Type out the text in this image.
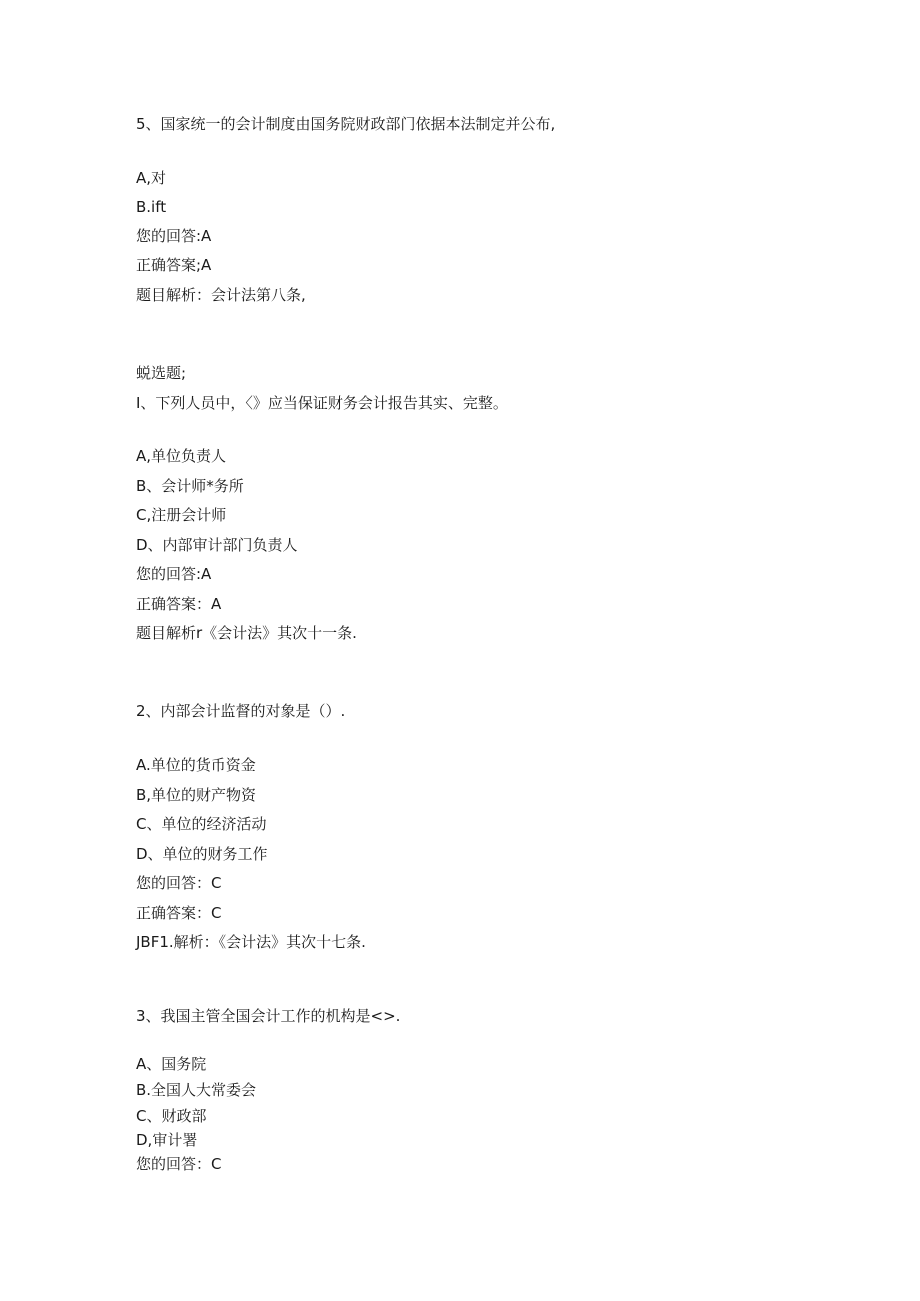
5、国家统一的会计制度由国务院财政部门依据本法制定并公布,

A,对

B.ift

您的回答:A

正确答案;A

题目解析：会计法第八条,

蜕选题;

I、下列人员中，〈》应当保证财务会计报告其实、完整。

A,单位负责人

B、会计师*务所

C,注册会计师

D、内部审计部门负责人

您的回答:A

正确答案：A

题目解析r《会计法》其次十一条.

2、内部会计监督的对象是（）.

A.单位的货币资金

B,单位的财产物资

C、单位的经济活动

D、单位的财务工作

您的回答：C

正确答案：C

JBF1.解析：《会计法》其次十七条.

3、我国主管全国会计工作的机构是<>.

A、国务院

B.全国人大常委会

C、财政部

D,审计署

您的回答：C
